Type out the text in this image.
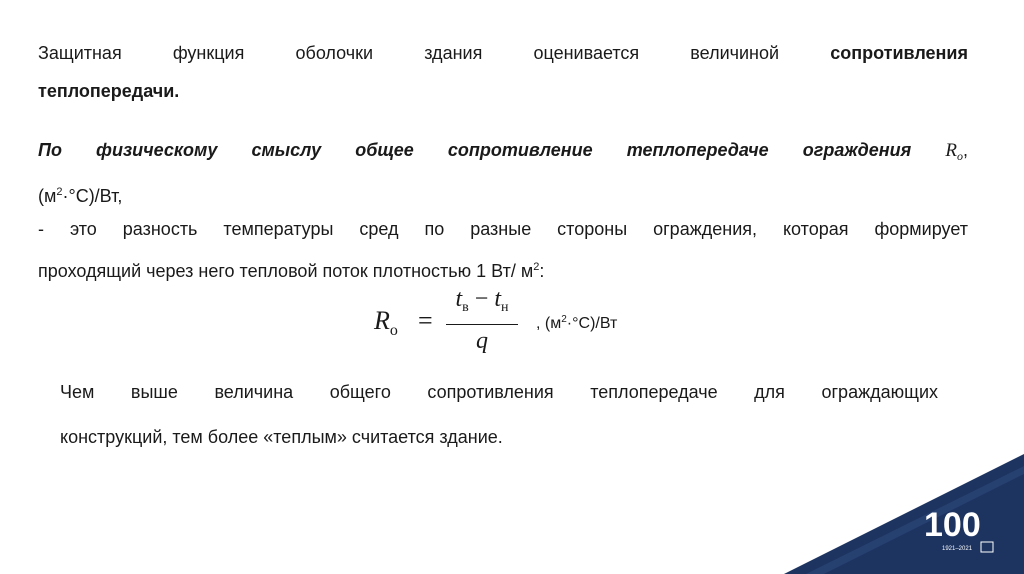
Защитная функция оболочки здания оценивается величиной	сопротивления
теплопередачи.
По физическому смыслу общее сопротивление теплопередаче ограждения $R_о$,
$(м^2\cdot^\circ С)/Вт$,
- это разность температуры сред по разные стороны ограждения, которая формирует
проходящий через него тепловой поток плотностью 1 Вт/ $м^2$:
$R_о$ =
$t_в - t_н$
q
, $(м^2\cdot^\circ С)/Вт$
Чем выше величина общего сопротивления теплопередаче для ограждающих
конструкций, тем более «теплым» считается здание.
100
1921–2021
